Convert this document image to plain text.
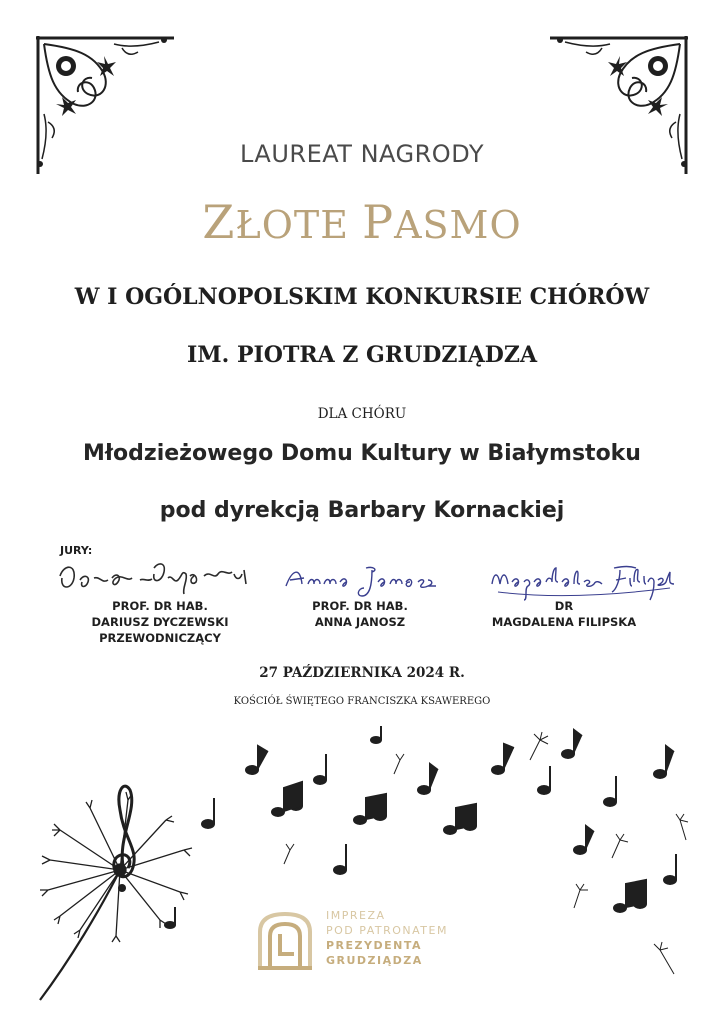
LAUREAT NAGRODY
ZŁOTE PASMO
W I OGÓLNOPOLSKIM KONKURSIE CHÓRÓW
IM. PIOTRA Z GRUDZIĄDZA
DLA CHÓRU
Młodzieżowego Domu Kultury w Białymstoku
pod dyrekcją Barbary Kornackiej
JURY:
PROF. DR HAB.
DARIUSZ DYCZEWSKI
PRZEWODNICZĄCY
PROF. DR HAB.
ANNA JANOSZ
DR
MAGDALENA FILIPSKA
27 PAŹDZIERNIKA 2024 R.
KOŚCIÓŁ ŚWIĘTEGO FRANCISZKA KSAWEREGO
IMPREZA
POD PATRONATEM
PREZYDENTA
GRUDZIĄDZA
